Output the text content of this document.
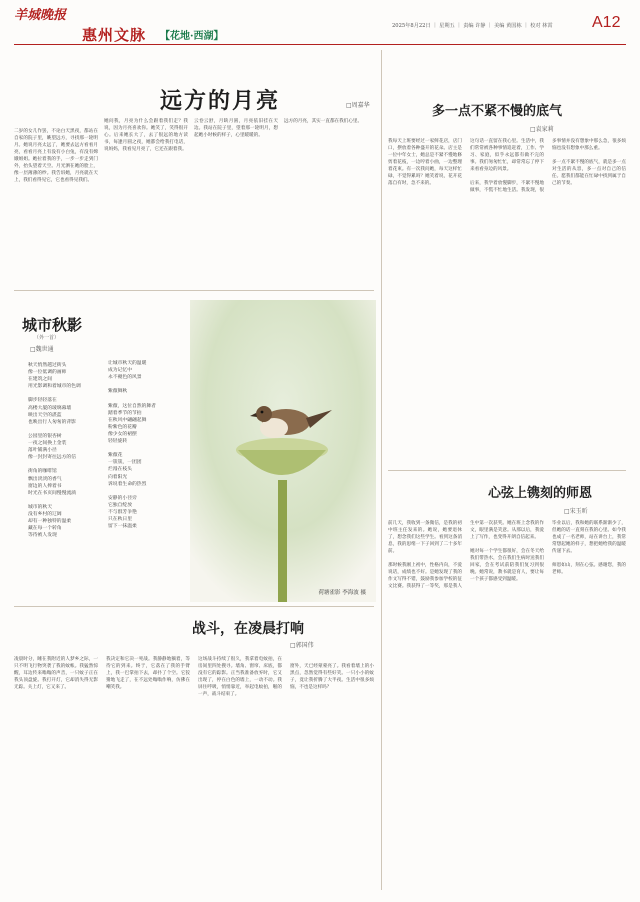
羊城晚报
惠州文脉 【花地·西湖】
2025年8月22日 ｜ 星期五 ｜ 责编 许静 ｜ 美编 黄国栋 ｜ 校对 林霄 A12
远方的月亮	□周嘉华
二岁的女儿作罢，不论白天黑夜，都站在自家的院子里，眺望远方，寻找那一轮明月。她说月亮太远了，她要去远方看看月亮，看看月亮上有没有小白兔，有没有嫦娥姐姐。她拉着我的手，一步一步走到门外，抬头望着天空。月光洒在她的脸上，像一层薄薄的纱。我告诉她，月亮就在天上，我们看得见它，它也看得见我们。
她问我，月亮为什么会跟着我们走？我说，因为月亮喜欢你。她笑了，笑得很开心。后来她长大了，去了很远的地方读书，每逢月圆之夜，她都会给我打电话，说妈妈，我看见月亮了，它还在跟着我。
云卷云舒，月缺月圆，月亮依旧挂在天边。我站在院子里，望着那一轮明月，想起她小时候的样子，心里暖暖的。
远方的月亮，其实一直都在我们心里。
城市秋影
（外一首）
□魏世通
秋天悄然越过街头
像一位低调的画师
在建筑之间
用光影调和着城市的色调

脚步轻轻落在
高楼大厦的玻璃幕墙
映出天空的湛蓝
也映出行人匆匆的背影

公园里的银杏树
一夜之间换上金装
落叶铺满小径
像一封封寄往远方的信

街角的咖啡馆
飘出淡淡的香气
窗边的人捧着书
时光在书页间慢慢流淌

城市的秋天
没有乡村的辽阔
却有一种独特的温柔
藏在每一个转角
等待被人发现
让城市秋天的温暖
成为记忆中
永不褪色的风景

紫薇舞秋

紫薇，这位自然的舞者
踏着季节的节拍
在秋风中翩翩起舞
粉紫色的花瓣
像少女的裙摆
轻轻旋转

紫薇花
一簇簇，一团团
烂漫在枝头
向着阳光
诉说着生命的热烈

安静的小径旁
它独自绽放
不与群芳争艳
只在秋日里
留下一抹温柔
荷塘雀影 李海波 摄
战斗，在凌晨打响
□郭国伟
凌晨时分，睡在我附近的人梦乡之际，一只不明飞行物突袭了我的蚊帐。我猛然惊醒，耳边传来嗡嗡的声音，一只蚊子正在我头顶盘旋。我打开灯，它却消失得无影无踪。关上灯，它又来了。

我决定和它决一死战。我静静地躺着，等待它的到来。终于，它落在了我的手臂上，我一巴掌拍下去，却扑了个空。它狡猾地飞走了，在不远处嗡嗡作响，仿佛在嘲笑我。

这场战斗持续了很久，我拿着电蚊拍，在房间里四处搜寻。墙角、窗帘、床底，都没有它的踪影。正当我准备放弃时，它又出现了，停在白色的墙上，一动不动。我屏住呼吸，悄悄靠近，举起电蚊拍，啪的一声，战斗结束了。

窗外，天已经蒙蒙亮了。我看着墙上的小黑点，忽然觉得有些好笑。一只小小的蚊子，竟让我折腾了大半夜。生活中很多烦恼，不也是这样吗？
多一点不紧不慢的底气
□袁家莉
我每天上班要经过一家鲜花店，店门口，摆放着各种盛开的花朵。店主是一位中年女士，她总是不紧不慢地修剪着花枝，一边哼着小曲，一边整理着花束。有一次我问她，每天这样忙碌，不觉得累吗？她笑着说，花开花落自有时，急不来的。

这句话一直留在我心里。生活中，我们常常被各种事情追赶着，工作、学习、家庭，似乎永远都有做不完的事。我们匆匆忙忙，却常常忘了停下来看看身边的风景。

后来，我学着放慢脚步，不紧不慢地做事，不慌不忙地生活。我发现，很多事情并没有想象中那么急，很多烦恼也没有想象中那么重。

多一点不紧不慢的底气，就是多一点对生活的从容，多一点对自己的信任。愿我们都能在忙碌中找到属于自己的节奏。
心弦上镌刻的师恩
□宋玉昕
前几天，我收到一条微信，是我的初中班主任发来的。她说，她要退休了，想念我们这些学生。看到这条消息，我的思绪一下子回到了二十多年前。

那时候我刚上初中，性格内向，不爱说话，成绩也不好。是她发现了我的作文写得不错，鼓励我参加学校的征文比赛。我获得了一等奖，那是我人生中第一次获奖。她在班上念我的作文，眼里满是笑意。从那以后，我爱上了写作，也变得开朗自信起来。

她对每一个学生都很好，会在冬天给我们带热水，会在我们生病时送我们回家，会在考试前陪我们复习到很晚。她常说，教书就是育人，要让每一个孩子都感受到温暖。

毕业以后，我和她的联系渐渐少了，但她的话一直刻在我的心里。如今我也成了一名老师，站在讲台上，我常常想起她的样子，想把她给我的温暖传递下去。

师恩如山，刻在心弦。感谢您，我的老师。
